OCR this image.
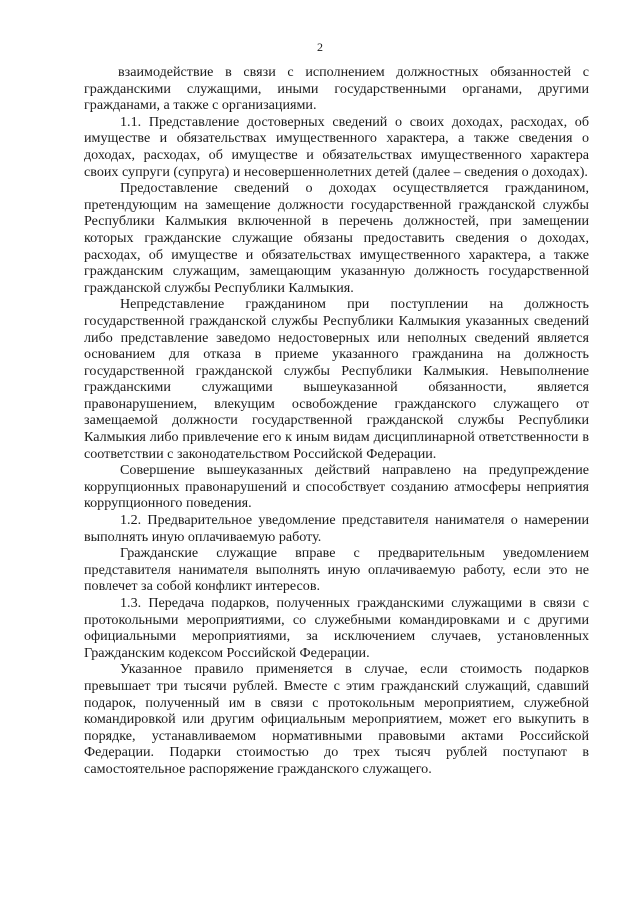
2

взаимодействие в связи с исполнением должностных обязанностей с гражданскими служащими, иными государственными органами, другими гражданами, а также с организациями.

1.1. Представление достоверных сведений о своих доходах, расходах, об имуществе и обязательствах имущественного характера, а также сведения о доходах, расходах, об имуществе и обязательствах имущественного характера своих супруги (супруга) и несовершеннолетних детей (далее – сведения о доходах).

Предоставление сведений о доходах осуществляется гражданином, претендующим на замещение должности государственной гражданской службы Республики Калмыкия включенной в перечень должностей, при замещении которых гражданские служащие обязаны предоставить сведения о доходах, расходах, об имуществе и обязательствах имущественного характера, а также гражданским служащим, замещающим указанную должность государственной гражданской службы Республики Калмыкия.

Непредставление гражданином при поступлении на должность государственной гражданской службы Республики Калмыкия указанных сведений либо представление заведомо недостоверных или неполных сведений является основанием для отказа в приеме указанного гражданина на должность государственной гражданской службы Республики Калмыкия. Невыполнение гражданскими служащими вышеуказанной обязанности, является правонарушением, влекущим освобождение гражданского служащего от замещаемой должности государственной гражданской службы Республики Калмыкия либо привлечение его к иным видам дисциплинарной ответственности в соответствии с законодательством Российской Федерации.

Совершение вышеуказанных действий направлено на предупреждение коррупционных правонарушений и способствует созданию атмосферы неприятия коррупционного поведения.

1.2. Предварительное уведомление представителя нанимателя о намерении выполнять иную оплачиваемую работу.

Гражданские служащие вправе с предварительным уведомлением представителя нанимателя выполнять иную оплачиваемую работу, если это не повлечет за собой конфликт интересов.

1.3. Передача подарков, полученных гражданскими служащими в связи с протокольными мероприятиями, со служебными командировками и с другими официальными мероприятиями, за исключением случаев, установленных Гражданским кодексом Российской Федерации.

Указанное правило применяется в случае, если стоимость подарков превышает три тысячи рублей. Вместе с этим гражданский служащий, сдавший подарок, полученный им в связи с протокольным мероприятием, служебной командировкой или другим официальным мероприятием, может его выкупить в порядке, устанавливаемом нормативными правовыми актами Российской Федерации. Подарки стоимостью до трех тысяч рублей поступают в самостоятельное распоряжение гражданского служащего.
